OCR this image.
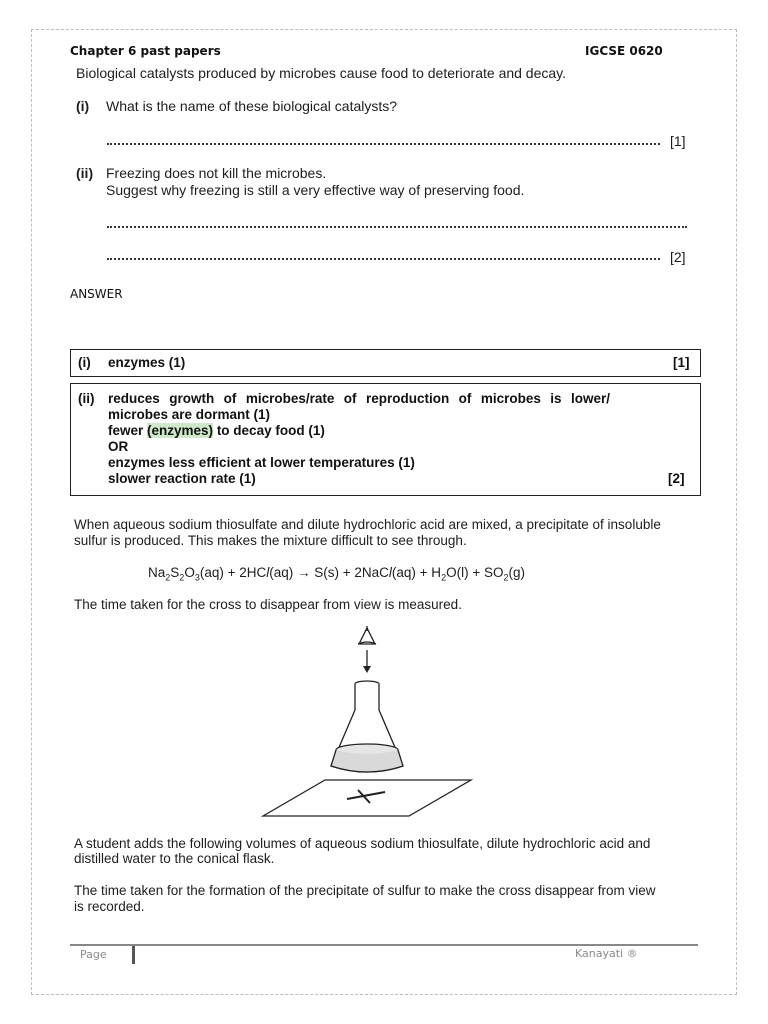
Chapter 6 past papers	IGCSE 0620
Biological catalysts produced by microbes cause food to deteriorate and decay.
(i) What is the name of these biological catalysts?
[1]
(ii) Freezing does not kill the microbes.
Suggest why freezing is still a very effective way of preserving food.
[2]
ANSWER
(i) enzymes (1)	[1]
(ii) reduces growth of microbes/rate of reproduction of microbes is lower/
microbes are dormant (1)
fewer (enzymes) to decay food (1)
OR
enzymes less efficient at lower temperatures (1)
slower reaction rate (1)	[2]
When aqueous sodium thiosulfate and dilute hydrochloric acid are mixed, a precipitate of insoluble
sulfur is produced. This makes the mixture difficult to see through.
$Na_2S_2O_3(aq) + 2HCl(aq) \to S(s)$ + 2NaCl(aq) + $H_2O(l) + SO_2(g)$
The time taken for the cross to disappear from view is measured.
A student adds the following volumes of aqueous sodium thiosulfate, dilute hydrochloric acid and
distilled water to the conical flask.
The time taken for the formation of the precipitate of sulfur to make the cross disappear from view
is recorded.
Page	Kanayati ®
